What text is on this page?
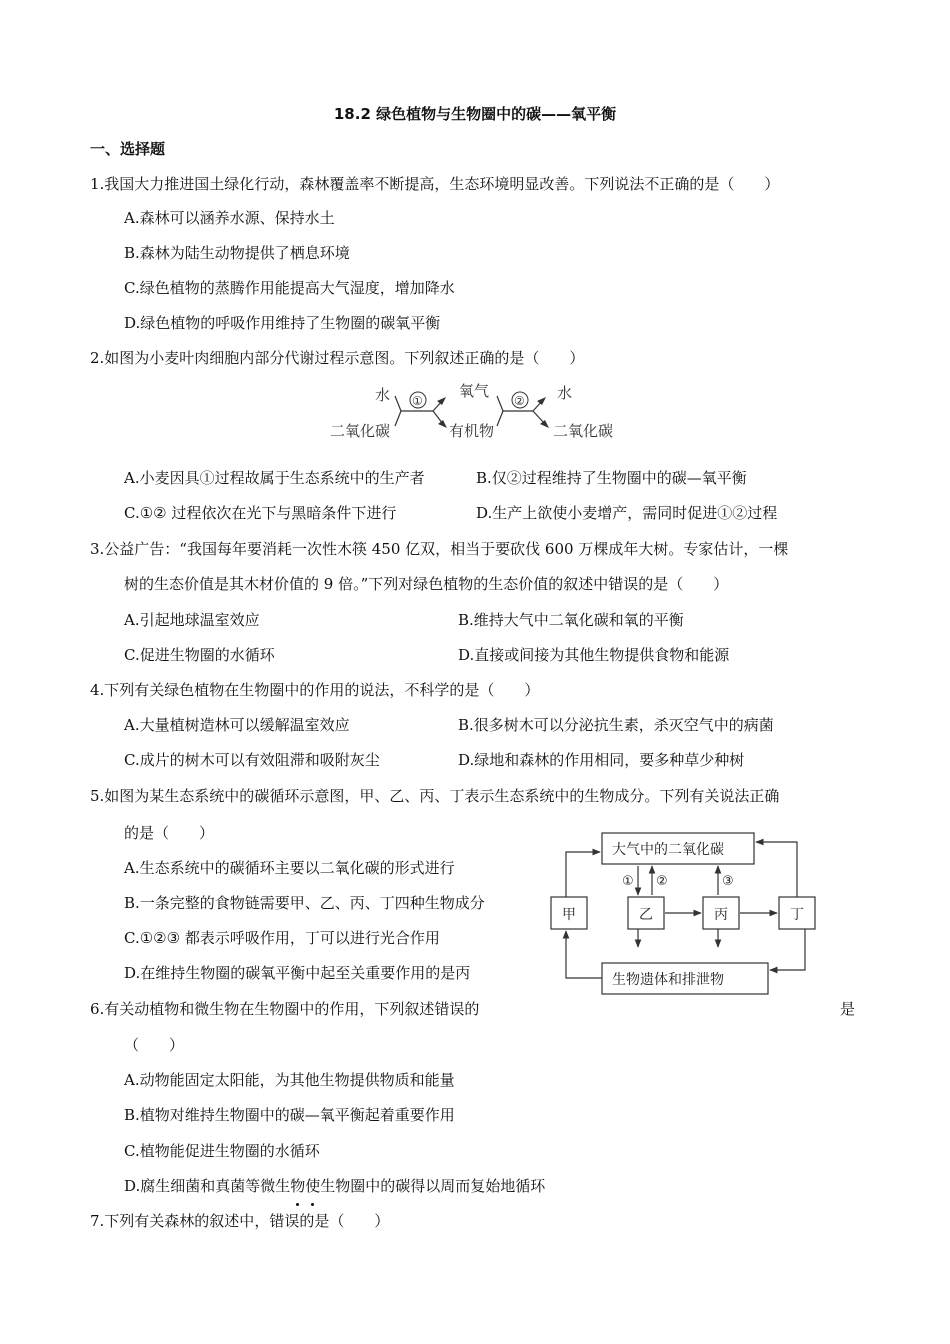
18.2 绿色植物与生物圈中的碳——氧平衡
一、选择题
1.我国大力推进国土绿化行动，森林覆盖率不断提高，生态环境明显改善。下列说法不正确的是（　　）
A.森林可以涵养水源、保持水土
B.森林为陆生动物提供了栖息环境
C.绿色植物的蒸腾作用能提高大气湿度，增加降水
D.绿色植物的呼吸作用维持了生物圈的碳氧平衡
2.如图为小麦叶肉细胞内部分代谢过程示意图。下列叙述正确的是（　　）
水
二氧化碳
①
氧气
有机物
② 水
二氧化碳
A.小麦因具①过程故属于生态系统中的生产者	B.仅②过程维持了生物圈中的碳—氧平衡
C.①② 过程依次在光下与黑暗条件下进行	D.生产上欲使小麦增产，需同时促进①②过程
3.公益广告：“我国每年要消耗一次性木筷 450 亿双，相当于要砍伐 600 万棵成年大树。专家估计，一棵
树的生态价值是其木材价值的 9 倍。”下列对绿色植物的生态价值的叙述中错误的是（　　）
A.引起地球温室效应	B.维持大气中二氧化碳和氧的平衡
C.促进生物圈的水循环	D.直接或间接为其他生物提供食物和能源
4.下列有关绿色植物在生物圈中的作用的说法，不科学的是（　　）
A.大量植树造林可以缓解温室效应	B.很多树木可以分泌抗生素，杀灭空气中的病菌
C.成片的树木可以有效阻滞和吸附灰尘	D.绿地和森林的作用相同，要多种草少种树
5.如图为某生态系统中的碳循环示意图，甲、乙、丙、丁表示生态系统中的生物成分。下列有关说法正确
的是（　　）
A.生态系统中的碳循环主要以二氧化碳的形式进行
B.一条完整的食物链需要甲、乙、丙、丁四种生物成分
C.①②③ 都表示呼吸作用，丁可以进行光合作用
D.在维持生物圈的碳氧平衡中起至关重要作用的是丙
大气中的二氧化碳
甲	乙	丙	丁
生物遗体和排泄物
① ②	③
6.有关动植物和微生物在生物圈中的作用，下列叙述错误的	是
（　　）
A.动物能固定太阳能，为其他生物提供物质和能量
B.植物对维持生物圈中的碳—氧平衡起着重要作用
C.植物能促进生物圈的水循环
D.腐生细菌和真菌等微生物使生物圈中的碳得以周而复始地循环
7.下列有关森林的叙述中，错误的是（　　）
